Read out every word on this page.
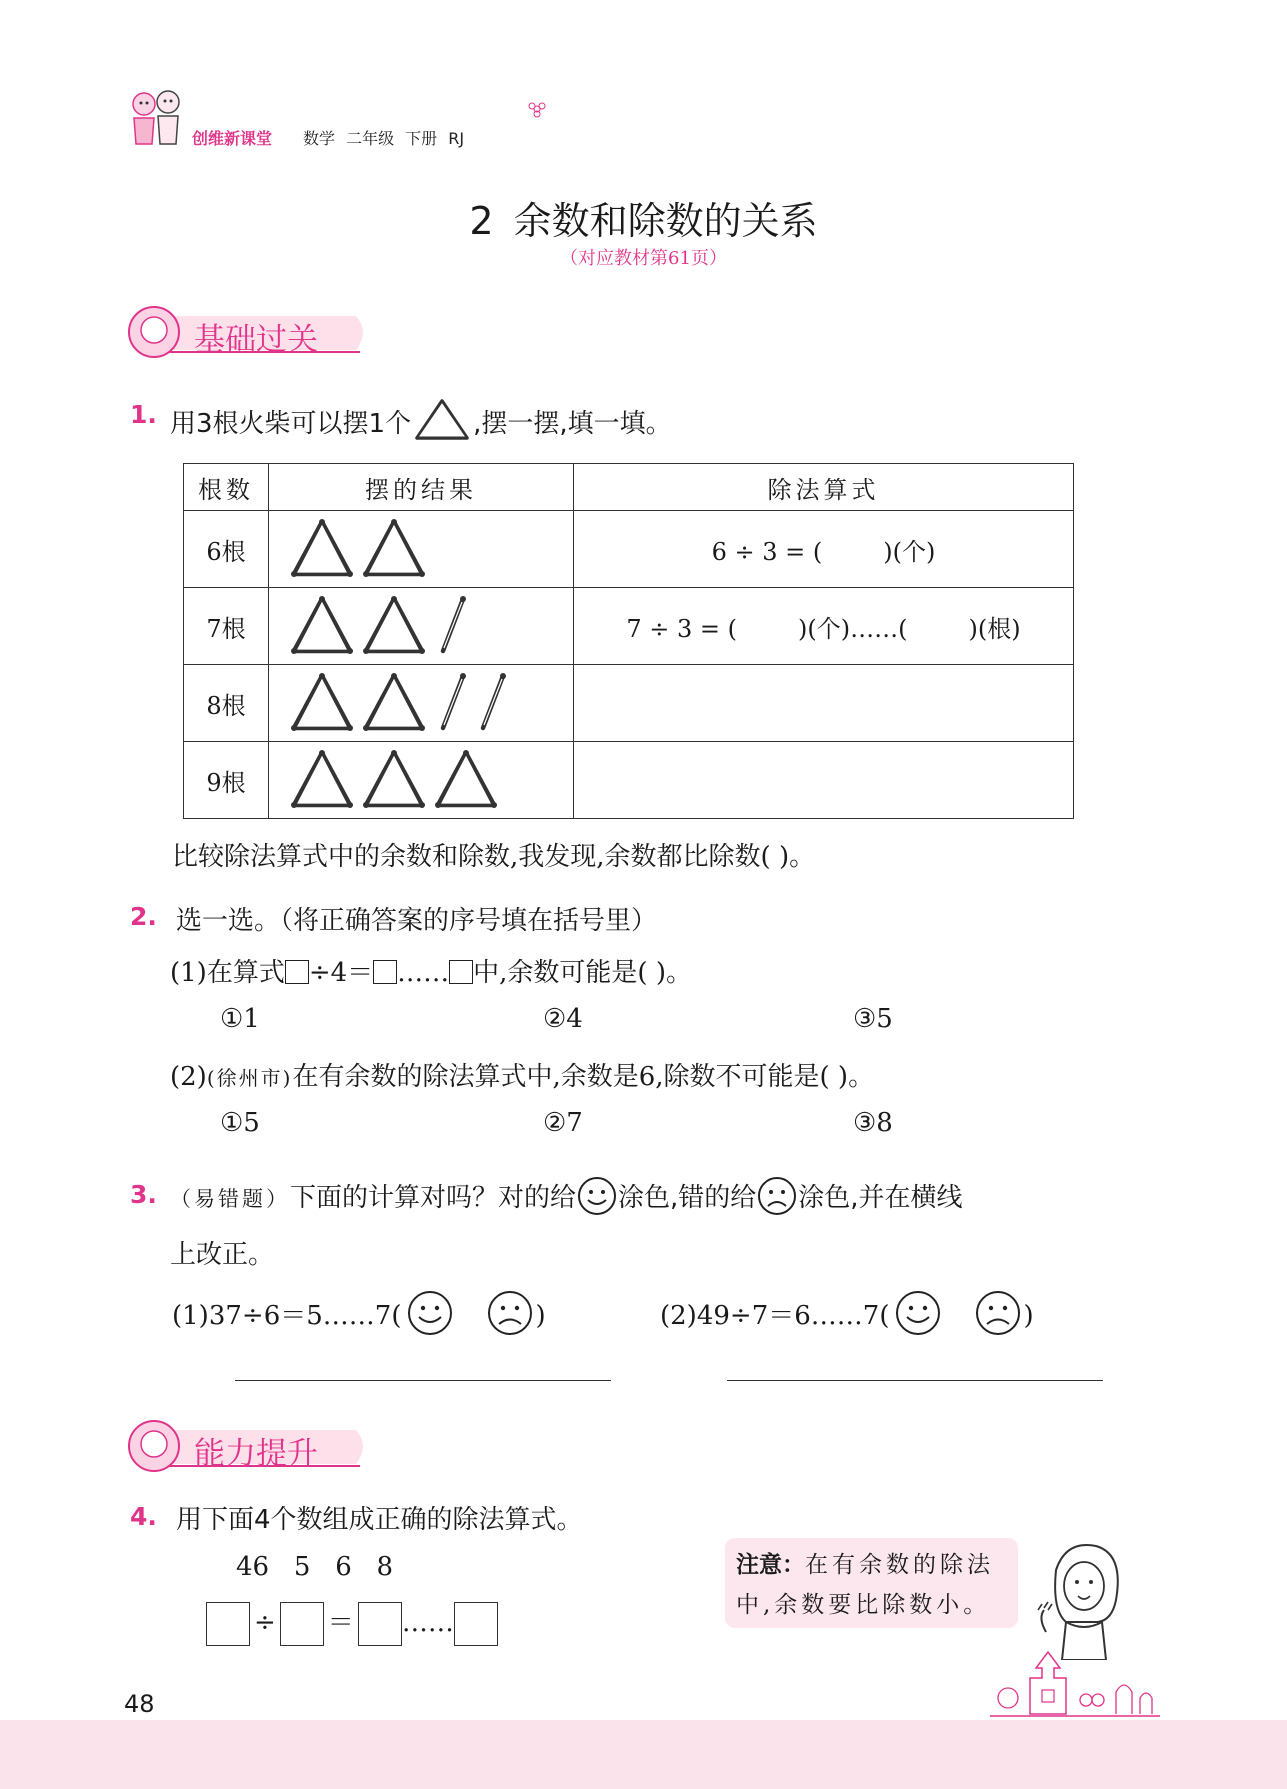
创维新课堂 数学 二年级 下册 RJ
2 余数和除数的关系
（对应教材第61页）
基础过关
1. 用3根火柴可以摆1个 ,摆一摆,填一填。
根数	摆的结果	除法算式
6根		6 ÷ 3 = (        )(个)
7根		7 ÷ 3 = (        )(个)……(        )(根)
8根		
9根		
比较除法算式中的余数和除数,我发现,余数都比除数( )。
2. 选一选。（将正确答案的序号填在括号里）
(1)在算式 ÷4＝ …… 中,余数可能是( )。
①1	②4	③5
(2)(徐州市)在有余数的除法算式中,余数是6,除数不可能是( )。
①5	②7	③8
3. （易错题）下面的计算对吗？对的给 涂色,错的给 涂色,并在横线
上改正。
(1)37÷6＝5……7(	)	(2)49÷7＝6……7(	)
能力提升
4. 用下面4个数组成正确的除法算式。
46   5   6   8
÷ ＝ ……
注意：在有余数的除法中,余数要比除数小。
48
